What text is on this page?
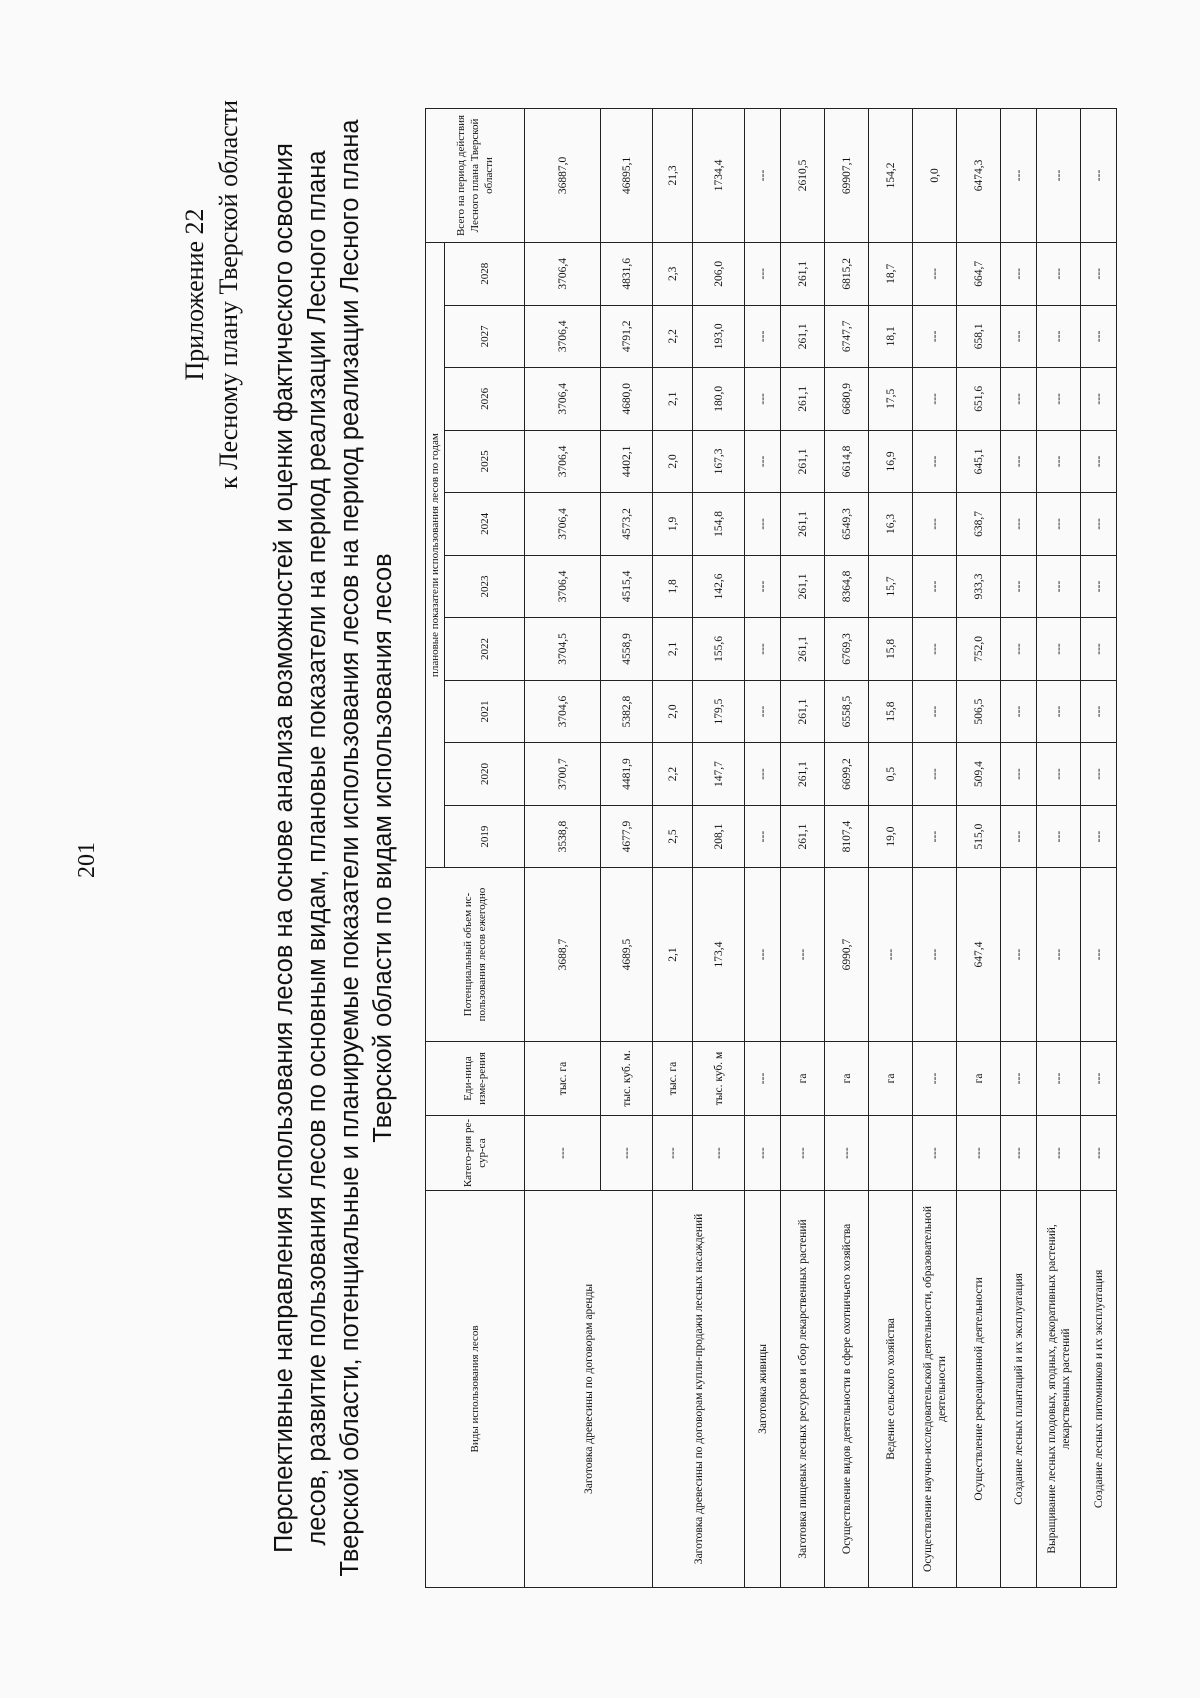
201
Приложение 22 к Лесному плану Тверской области Перспективные направления использования лесов на основе анализа возможностей и оценки фактического освоения лесов, развитие пользования лесов по основным видам, плановые показатели на период реализации Лесного плана Тверской области, потенциальные и планируемые показатели использования лесов на период реализации Лесного плана Тверской области по видам использования лесов
Виды использования лесов	Катего-рия ре-сур-са	Еди-ница изме-рения	Потенциальный объем ис-пользования лесов ежегодно	плановые показатели использования лесов по годам										Всего на период действия Лесного плана Тверской области
				2019	2020	2021	2022	2023	2024	2025	2026	2027	2028	
Заготовка древесины по договорам аренды	---	тыс. га	3688,7	3538,8	3700,7	3704,6	3704,5	3706,4	3706,4	3706,4	3706,4	3706,4	3706,4	36887,0
	---	тыс. куб. м.	4689,5	4677,9	4481,9	5382,8	4558,9	4515,4	4573,2	4402,1	4680,0	4791,2	4831,6	46895,1
Заготовка древесины по договорам купли-продажи лесных насаждений	---	тыс. га	2,1	2,5	2,2	2,0	2,1	1,8	1,9	2,0	2,1	2,2	2,3	21,3
	---	тыс. куб. м	173,4	208,1	147,7	179,5	155,6	142,6	154,8	167,3	180,0	193,0	206,0	1734,4
Заготовка живицы	---	---	---	---	---	---	---	---	---	---	---	---	---	---
Заготовка пищевых лесных ресурсов и сбор лекарственных растений	---	га	---	261,1	261,1	261,1	261,1	261,1	261,1	261,1	261,1	261,1	261,1	2610,5
Осуществление видов деятельности в сфере охотничьего хозяйства	---	га	6990,7	8107,4	6699,2	6558,5	6769,3	8364,8	6549,3	6614,8	6680,9	6747,7	6815,2	69907,1
Ведение сельского хозяйства		га	---	19,0	0,5	15,8	15,8	15,7	16,3	16,9	17,5	18,1	18,7	154,2
Осуществление научно-исследовательской деятельности, образовательной деятельности	---	---	---	---	---	---	---	---	---	---	---	---	---	0,0
Осуществление рекреационной деятельности	---	га	647,4	515,0	509,4	506,5	752,0	933,3	638,7	645,1	651,6	658,1	664,7	6474,3
Создание лесных плантаций и их эксплуатация	---	---	---	---	---	---	---	---	---	---	---	---	---	---
Выращивание лесных плодовых, ягодных, декоративных растений, лекарственных растений	---	---	---	---	---	---	---	---	---	---	---	---	---	---
Создание лесных питомников и их эксплуатация	---	---	---	---	---	---	---	---	---	---	---	---	---	---
